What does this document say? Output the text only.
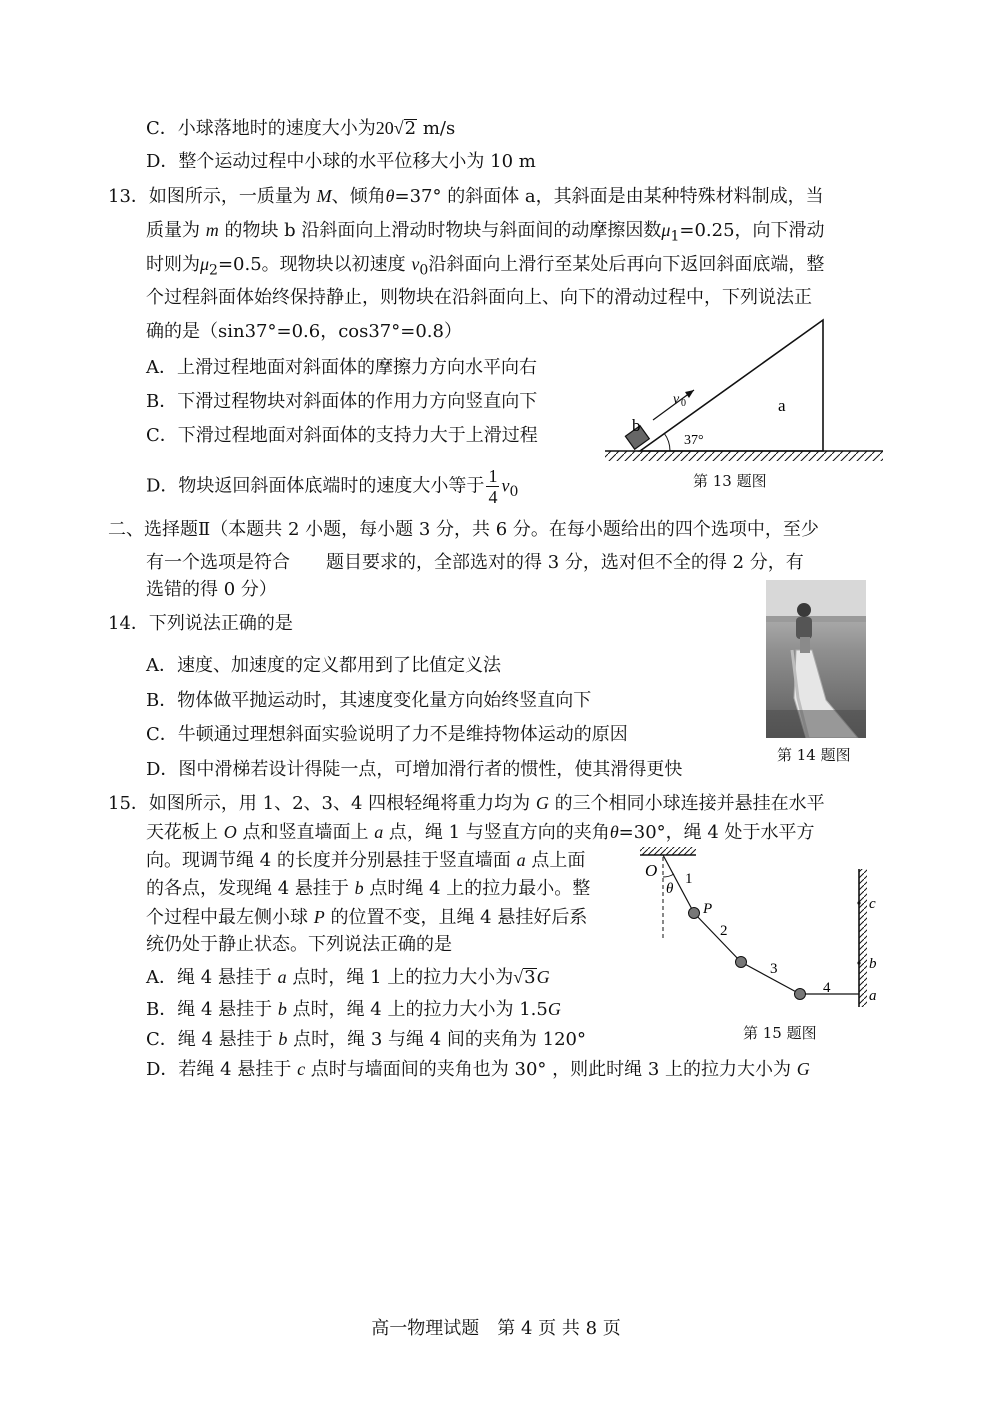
C．小球落地时的速度大小为20√2 m/s
D．整个运动过程中小球的水平位移大小为 10 m
13．如图所示，一质量为 M、倾角θ=37° 的斜面体 a，其斜面是由某种特殊材料制成，当
质量为 m 的物块 b 沿斜面向上滑动时物块与斜面间的动摩擦因数$\mu_1=0.25$，向下滑动
时则为$\mu_2=0.5$。现物块以初速度 $v_0$沿斜面向上滑行至某处后再向下返回斜面底端，整
个过程斜面体始终保持静止，则物块在沿斜面向上、向下的滑动过程中，下列说法正
确的是（sin37°=0.6，cos37°=0.8）
A．上滑过程地面对斜面体的摩擦力方向水平向右
B．下滑过程物块对斜面体的作用力方向竖直向下
C．下滑过程地面对斜面体的支持力大于上滑过程
D．物块返回斜面体底端时的速度大小等于 $\frac{1}{4} v_0$
v 0
b
a
37°
第 13 题图
二、选择题Ⅱ（本题共 2 小题，每小题 3 分，共 6 分。在每小题给出的四个选项中，至少
有一个选项是符合　　题目要求的，全部选对的得 3 分，选对但不全的得 2 分，有
选错的得 0 分）
14．下列说法正确的是
A．速度、加速度的定义都用到了比值定义法
B．物体做平抛运动时，其速度变化量方向始终竖直向下
C．牛顿通过理想斜面实验说明了力不是维持物体运动的原因
D．图中滑梯若设计得陡一点，可增加滑行者的惯性，使其滑得更快
第 14 题图
15．如图所示，用 1、2、3、4 四根轻绳将重力均为 G 的三个相同小球连接并悬挂在水平
天花板上 O 点和竖直墙面上 a 点，绳 1 与竖直方向的夹角θ=30°，绳 4 处于水平方
向。现调节绳 4 的长度并分别悬挂于竖直墙面 a 点上面
的各点，发现绳 4 悬挂于 b 点时绳 4 上的拉力最小。整
个过程中最左侧小球 P 的位置不变，且绳 4 悬挂好后系
统仍处于静止状态。下列说法正确的是
A．绳 4 悬挂于 a 点时，绳 1 上的拉力大小为√3G
B．绳 4 悬挂于 b 点时，绳 4 上的拉力大小为 1.5G
C．绳 4 悬挂于 b 点时，绳 3 与绳 4 间的夹角为 120°
D．若绳 4 悬挂于 c 点时与墙面间的夹角也为 30° ，则此时绳 3 上的拉力大小为 G
O
θ
1
P
2
3
4
c
b
a
第 15 题图
高一物理试题　第 4 页 共 8 页
